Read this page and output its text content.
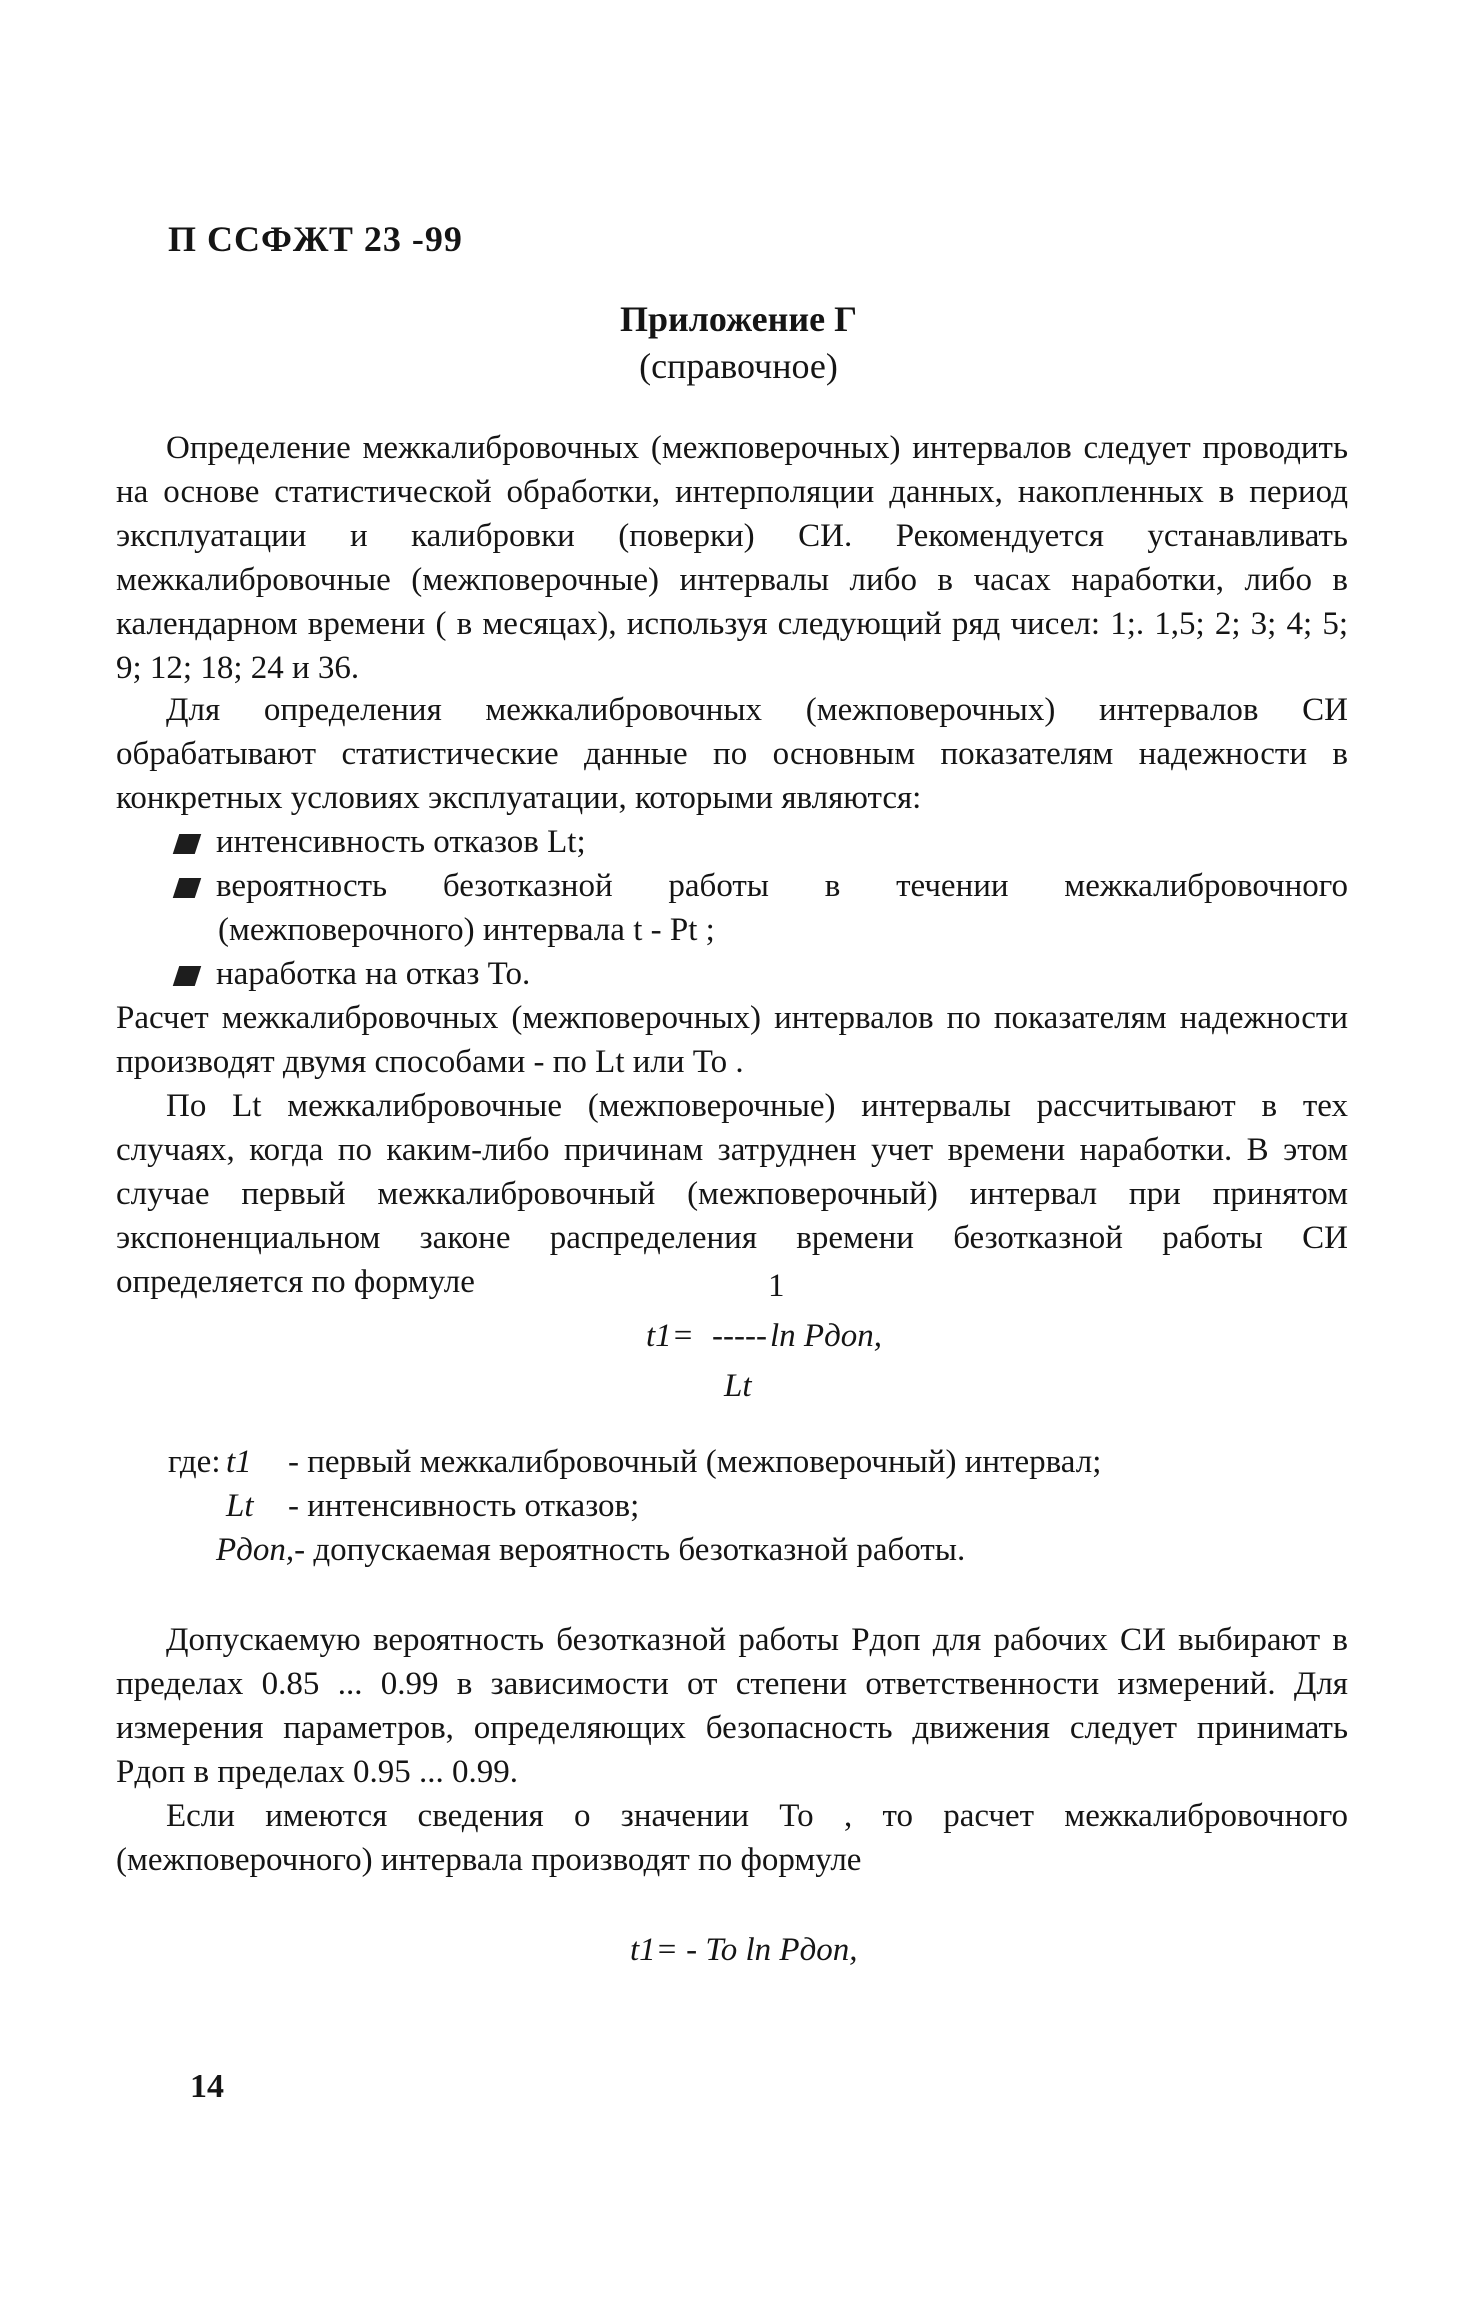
П ССФЖТ 23 -99
Приложение Г
(справочное)
Определение межкалибровочных (межповерочных) интервалов следует проводить на основе статистической обработки, интерполяции данных, накопленных в период эксплуатации и калибровки (поверки) СИ. Рекомендуется устанавливать межкалибровочные (межповерочные) интервалы либо в часах наработки, либо в календарном времени ( в месяцах), используя следующий ряд чисел: 1;. 1,5; 2; 3; 4; 5; 9; 12; 18; 24 и 36.
Для определения межкалибровочных (межповерочных) интервалов СИ обрабатывают статистические данные по основным показателям надежности в конкретных условиях эксплуатации, которыми являются:
интенсивность отказов Lt;
вероятность безотказной работы в течении межкалибровочного (межповерочного) интервала t - Pt ;
наработка на отказ To.
Расчет межкалибровочных (межповерочных) интервалов по показателям надежности производят двумя способами - по Lt или To .
По Lt межкалибровочные (межповерочные) интервалы рассчитывают в тех случаях, когда по каким-либо причинам затруднен учет времени наработки. В этом случае первый межкалибровочный (межповерочный) интервал при принятом экспоненциальном законе распределения времени безотказной работы СИ определяется по формуле	1
t1= ----- ln Pдоп,
Lt
где: t1 - первый межкалибровочный (межповерочный) интервал;
Lt - интенсивность отказов;
Pдоп,- допускаемая вероятность безотказной работы.
Допускаемую вероятность безотказной работы Pдоп для рабочих СИ выбирают в пределах 0.85 ... 0.99 в зависимости от степени ответственности измерений. Для измерения параметров, определяющих безопасность движения следует принимать Pдоп в пределах 0.95 ... 0.99.
Если имеются сведения о значении To , то расчет межкалибровочного (межповерочного) интервала производят по формуле
t1= - To ln Pдоп,
14
